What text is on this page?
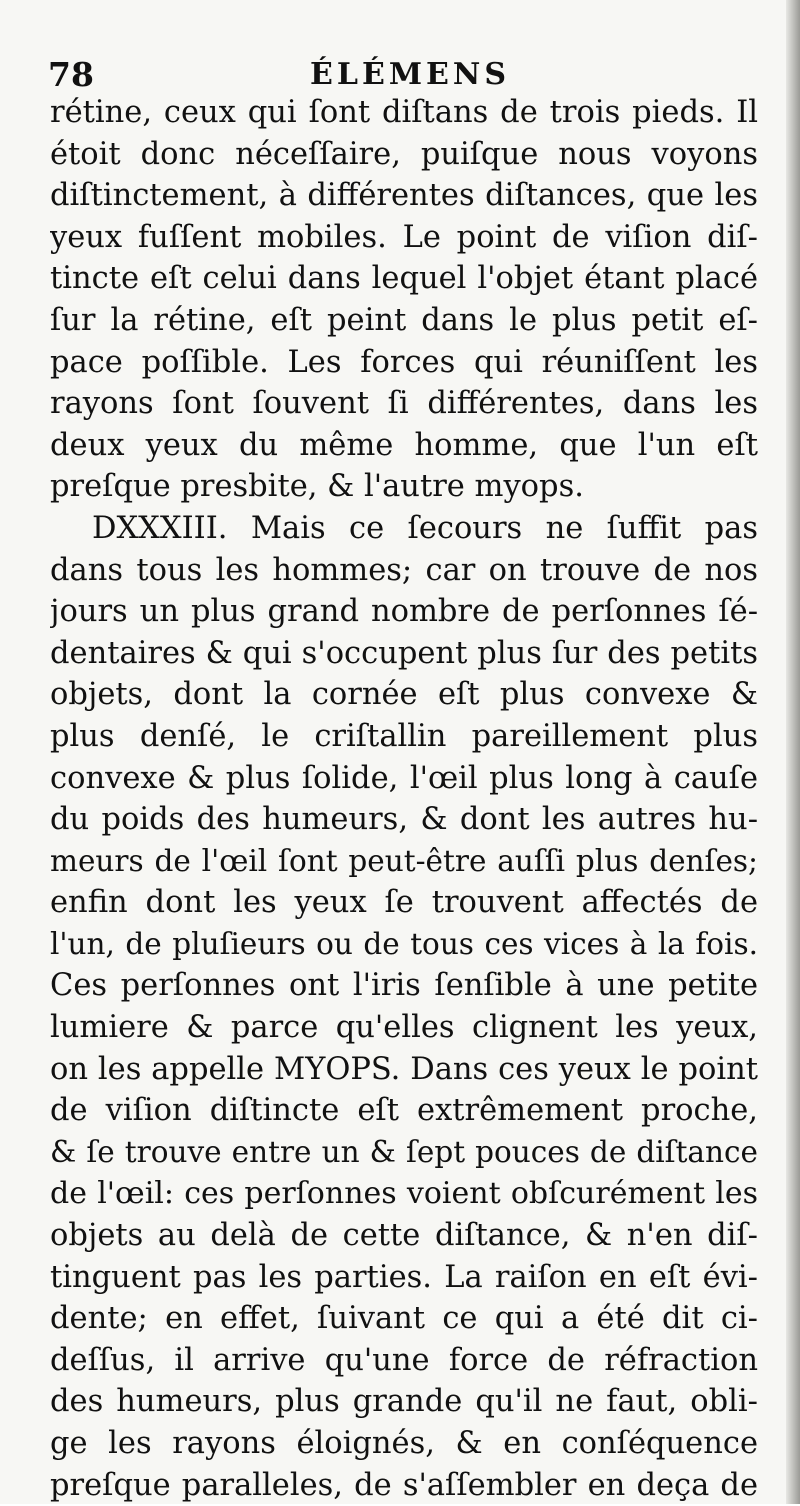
78	ÉLÉMENS
rétine, ceux qui ſont diſtans de trois pieds. Il
étoit donc néceſſaire, puiſque nous voyons
diſtinctement, à différentes diſtances, que les
yeux fuſſent mobiles. Le point de viſion diſ-
tincte eſt celui dans lequel l'objet étant placé
ſur la rétine, eſt peint dans le plus petit eſ-
pace poſſible. Les forces qui réuniſſent les
rayons ſont ſouvent ſi différentes, dans les
deux yeux du même homme, que l'un eſt
preſque presbite, & l'autre myops.
DXXXIII. Mais ce ſecours ne ſuffit pas
dans tous les hommes; car on trouve de nos
jours un plus grand nombre de perſonnes ſé-
dentaires & qui s'occupent plus ſur des petits
objets, dont la cornée eſt plus convexe &
plus denſé, le criſtallin pareillement plus
convexe & plus ſolide, l'œil plus long à cauſe
du poids des humeurs, & dont les autres hu-
meurs de l'œil ſont peut-être auſſi plus denſes;
enfin dont les yeux ſe trouvent affectés de
l'un, de pluſieurs ou de tous ces vices à la fois.
Ces perſonnes ont l'iris ſenſible à une petite
lumiere & parce qu'elles clignent les yeux,
on les appelle MYOPS. Dans ces yeux le point
de viſion diſtincte eſt extrêmement proche,
& ſe trouve entre un & ſept pouces de diſtance
de l'œil: ces perſonnes voient obſcurément les
objets au delà de cette diſtance, & n'en diſ-
tinguent pas les parties. La raiſon en eſt évi-
dente; en effet, ſuivant ce qui a été dit ci-
deſſus, il arrive qu'une force de réfraction
des humeurs, plus grande qu'il ne faut, obli-
ge les rayons éloignés, & en conſéquence
preſque paralleles, de s'aſſembler en deça de
